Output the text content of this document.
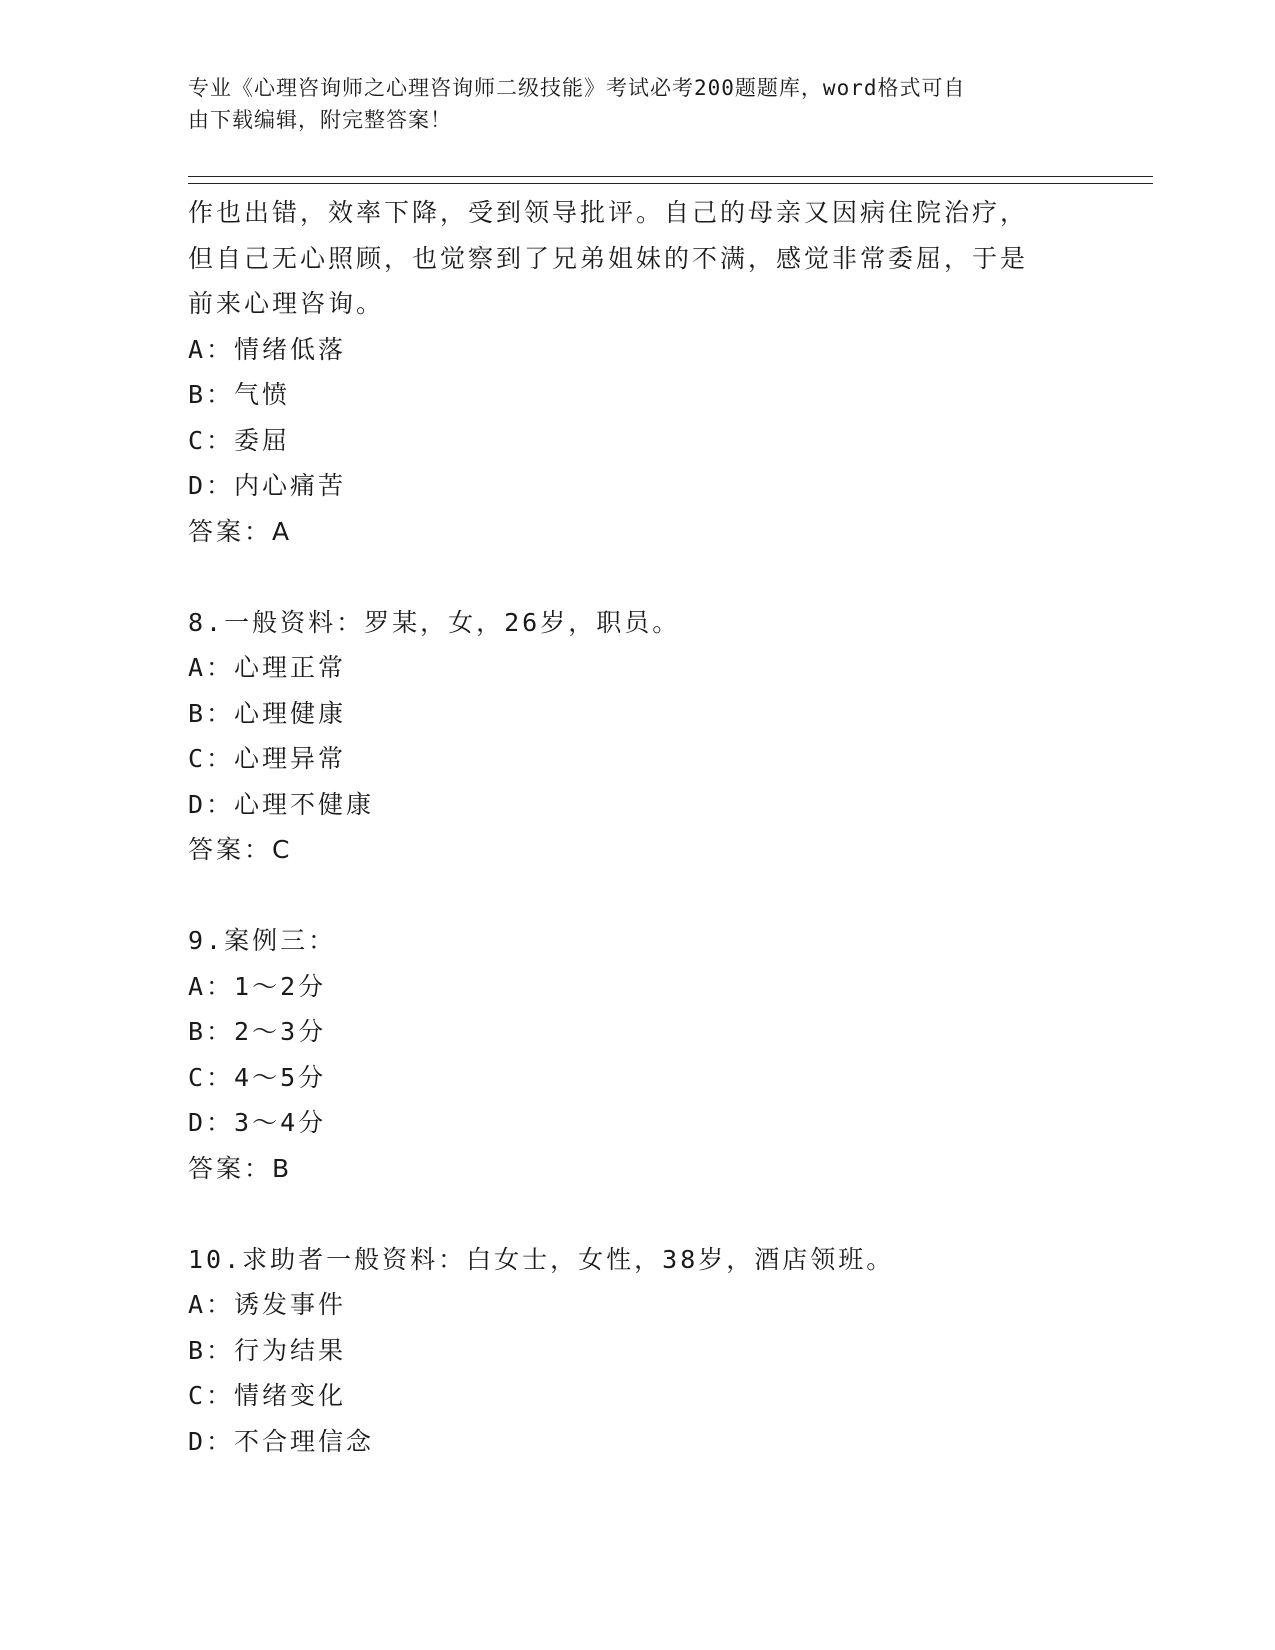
专业《心理咨询师之心理咨询师二级技能》考试必考200题题库，word格式可自
由下载编辑，附完整答案！
作也出错，效率下降，受到领导批评。自己的母亲又因病住院治疗，
但自己无心照顾，也觉察到了兄弟姐妹的不满，感觉非常委屈，于是
前来心理咨询。
A：情绪低落
B：气愤
C：委屈
D：内心痛苦
答案：A
8.一般资料：罗某，女，26岁，职员。
A：心理正常
B：心理健康
C：心理异常
D：心理不健康
答案：C
9.案例三：
A：1～2分
B：2～3分
C：4～5分
D：3～4分
答案：B
10.求助者一般资料：白女士，女性，38岁，酒店领班。
A：诱发事件
B：行为结果
C：情绪变化
D：不合理信念
